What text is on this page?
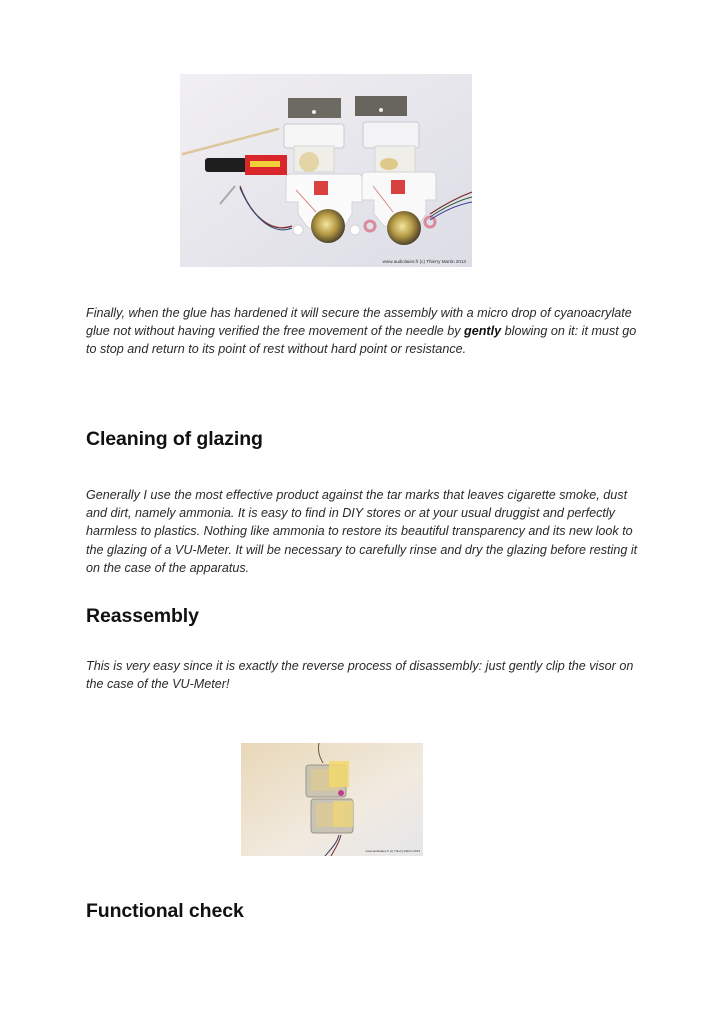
www.audiolaies.fr (c) Thierry Martin 2013

Finally, when the glue has hardened it will secure the assembly with a micro drop of cyanoacrylate glue not without having verified the free movement of the needle by gently blowing on it: it must go to stop and return to its point of rest without hard point or resistance.

Cleaning of glazing

Generally I use the most effective product against the tar marks that leaves cigarette smoke, dust and dirt, namely ammonia. It is easy to find in DIY stores or at your usual druggist and perfectly harmless to plastics. Nothing like ammonia to restore its beautiful transparency and its new look to the glazing of a VU-Meter. It will be necessary to carefully rinse and dry the glazing before resting it on the case of the apparatus.

Reassembly

This is very easy since it is exactly the reverse process of disassembly: just gently clip the visor on the case of the VU-Meter!

www.audiolaies.fr (c) Thierry Martin 2013
Functional check
